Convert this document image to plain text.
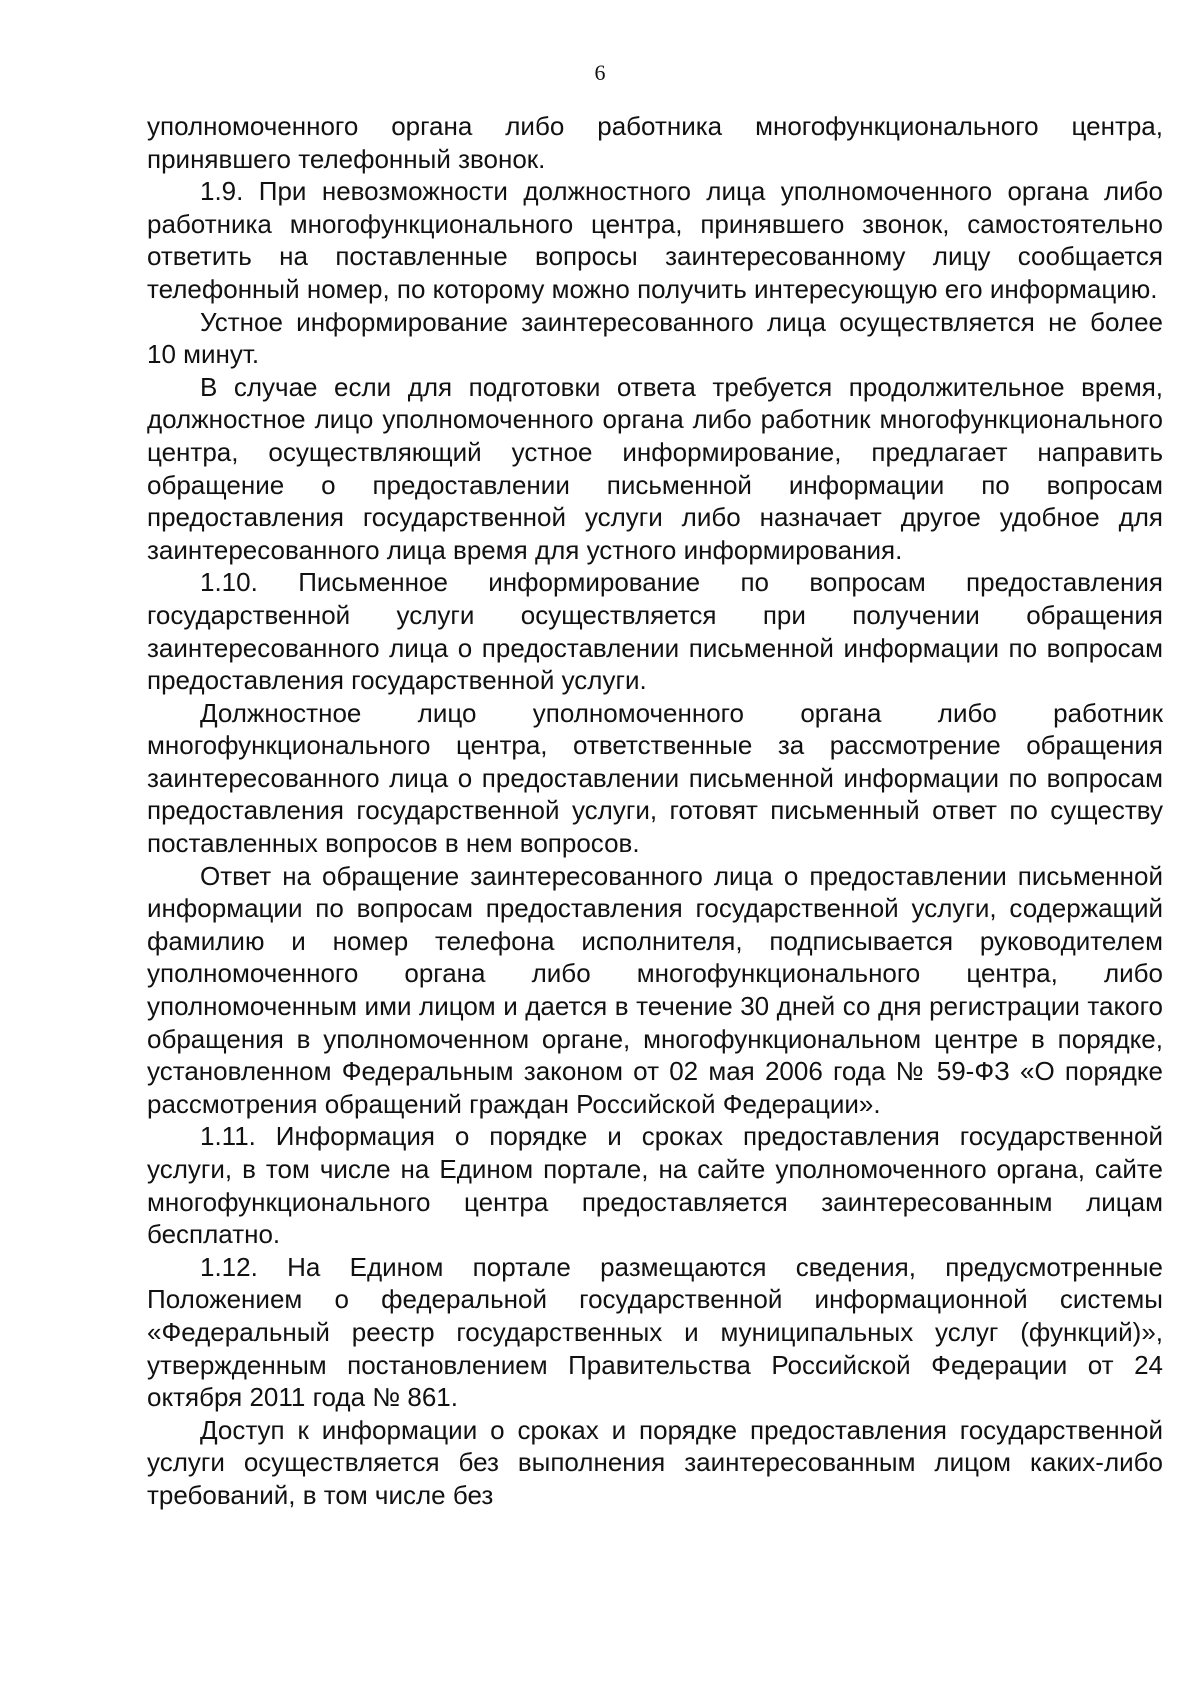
6

уполномоченного органа либо работника многофункционального центра, принявшего телефонный звонок.

1.9. При невозможности должностного лица уполномоченного органа либо работника многофункционального центра, принявшего звонок, самостоятельно ответить на поставленные вопросы заинтересованному лицу сообщается телефонный номер, по которому можно получить интересующую его информацию.

Устное информирование заинтересованного лица осуществляется не более 10 минут.

В случае если для подготовки ответа требуется продолжительное время, должностное лицо уполномоченного органа либо работник многофункционального центра, осуществляющий устное информирование, предлагает направить обращение о предоставлении письменной информации по вопросам предоставления государственной услуги либо назначает другое удобное для заинтересованного лица время для устного информирования.

1.10. Письменное информирование по вопросам предоставления государственной услуги осуществляется при получении обращения заинтересованного лица о предоставлении письменной информации по вопросам предоставления государственной услуги.

Должностное лицо уполномоченного органа либо работник многофункционального центра, ответственные за рассмотрение обращения заинтересованного лица о предоставлении письменной информации по вопросам предоставления государственной услуги, готовят письменный ответ по существу поставленных вопросов в нем вопросов.

Ответ на обращение заинтересованного лица о предоставлении письменной информации по вопросам предоставления государственной услуги, содержащий фамилию и номер телефона исполнителя, подписывается руководителем уполномоченного органа либо многофункционального центра, либо уполномоченным ими лицом и дается в течение 30 дней со дня регистрации такого обращения в уполномоченном органе, многофункциональном центре в порядке, установленном Федеральным законом от 02 мая 2006 года № 59-ФЗ «О порядке рассмотрения обращений граждан Российской Федерации».

1.11. Информация о порядке и сроках предоставления государственной услуги, в том числе на Едином портале, на сайте уполномоченного органа, сайте многофункционального центра предоставляется заинтересованным лицам бесплатно.

1.12. На Едином портале размещаются сведения, предусмотренные Положением о федеральной государственной информационной системы «Федеральный реестр государственных и муниципальных услуг (функций)», утвержденным постановлением Правительства Российской Федерации от 24 октября 2011 года № 861.

Доступ к информации о сроках и порядке предоставления государственной услуги осуществляется без выполнения заинтересованным лицом каких-либо требований, в том числе без
